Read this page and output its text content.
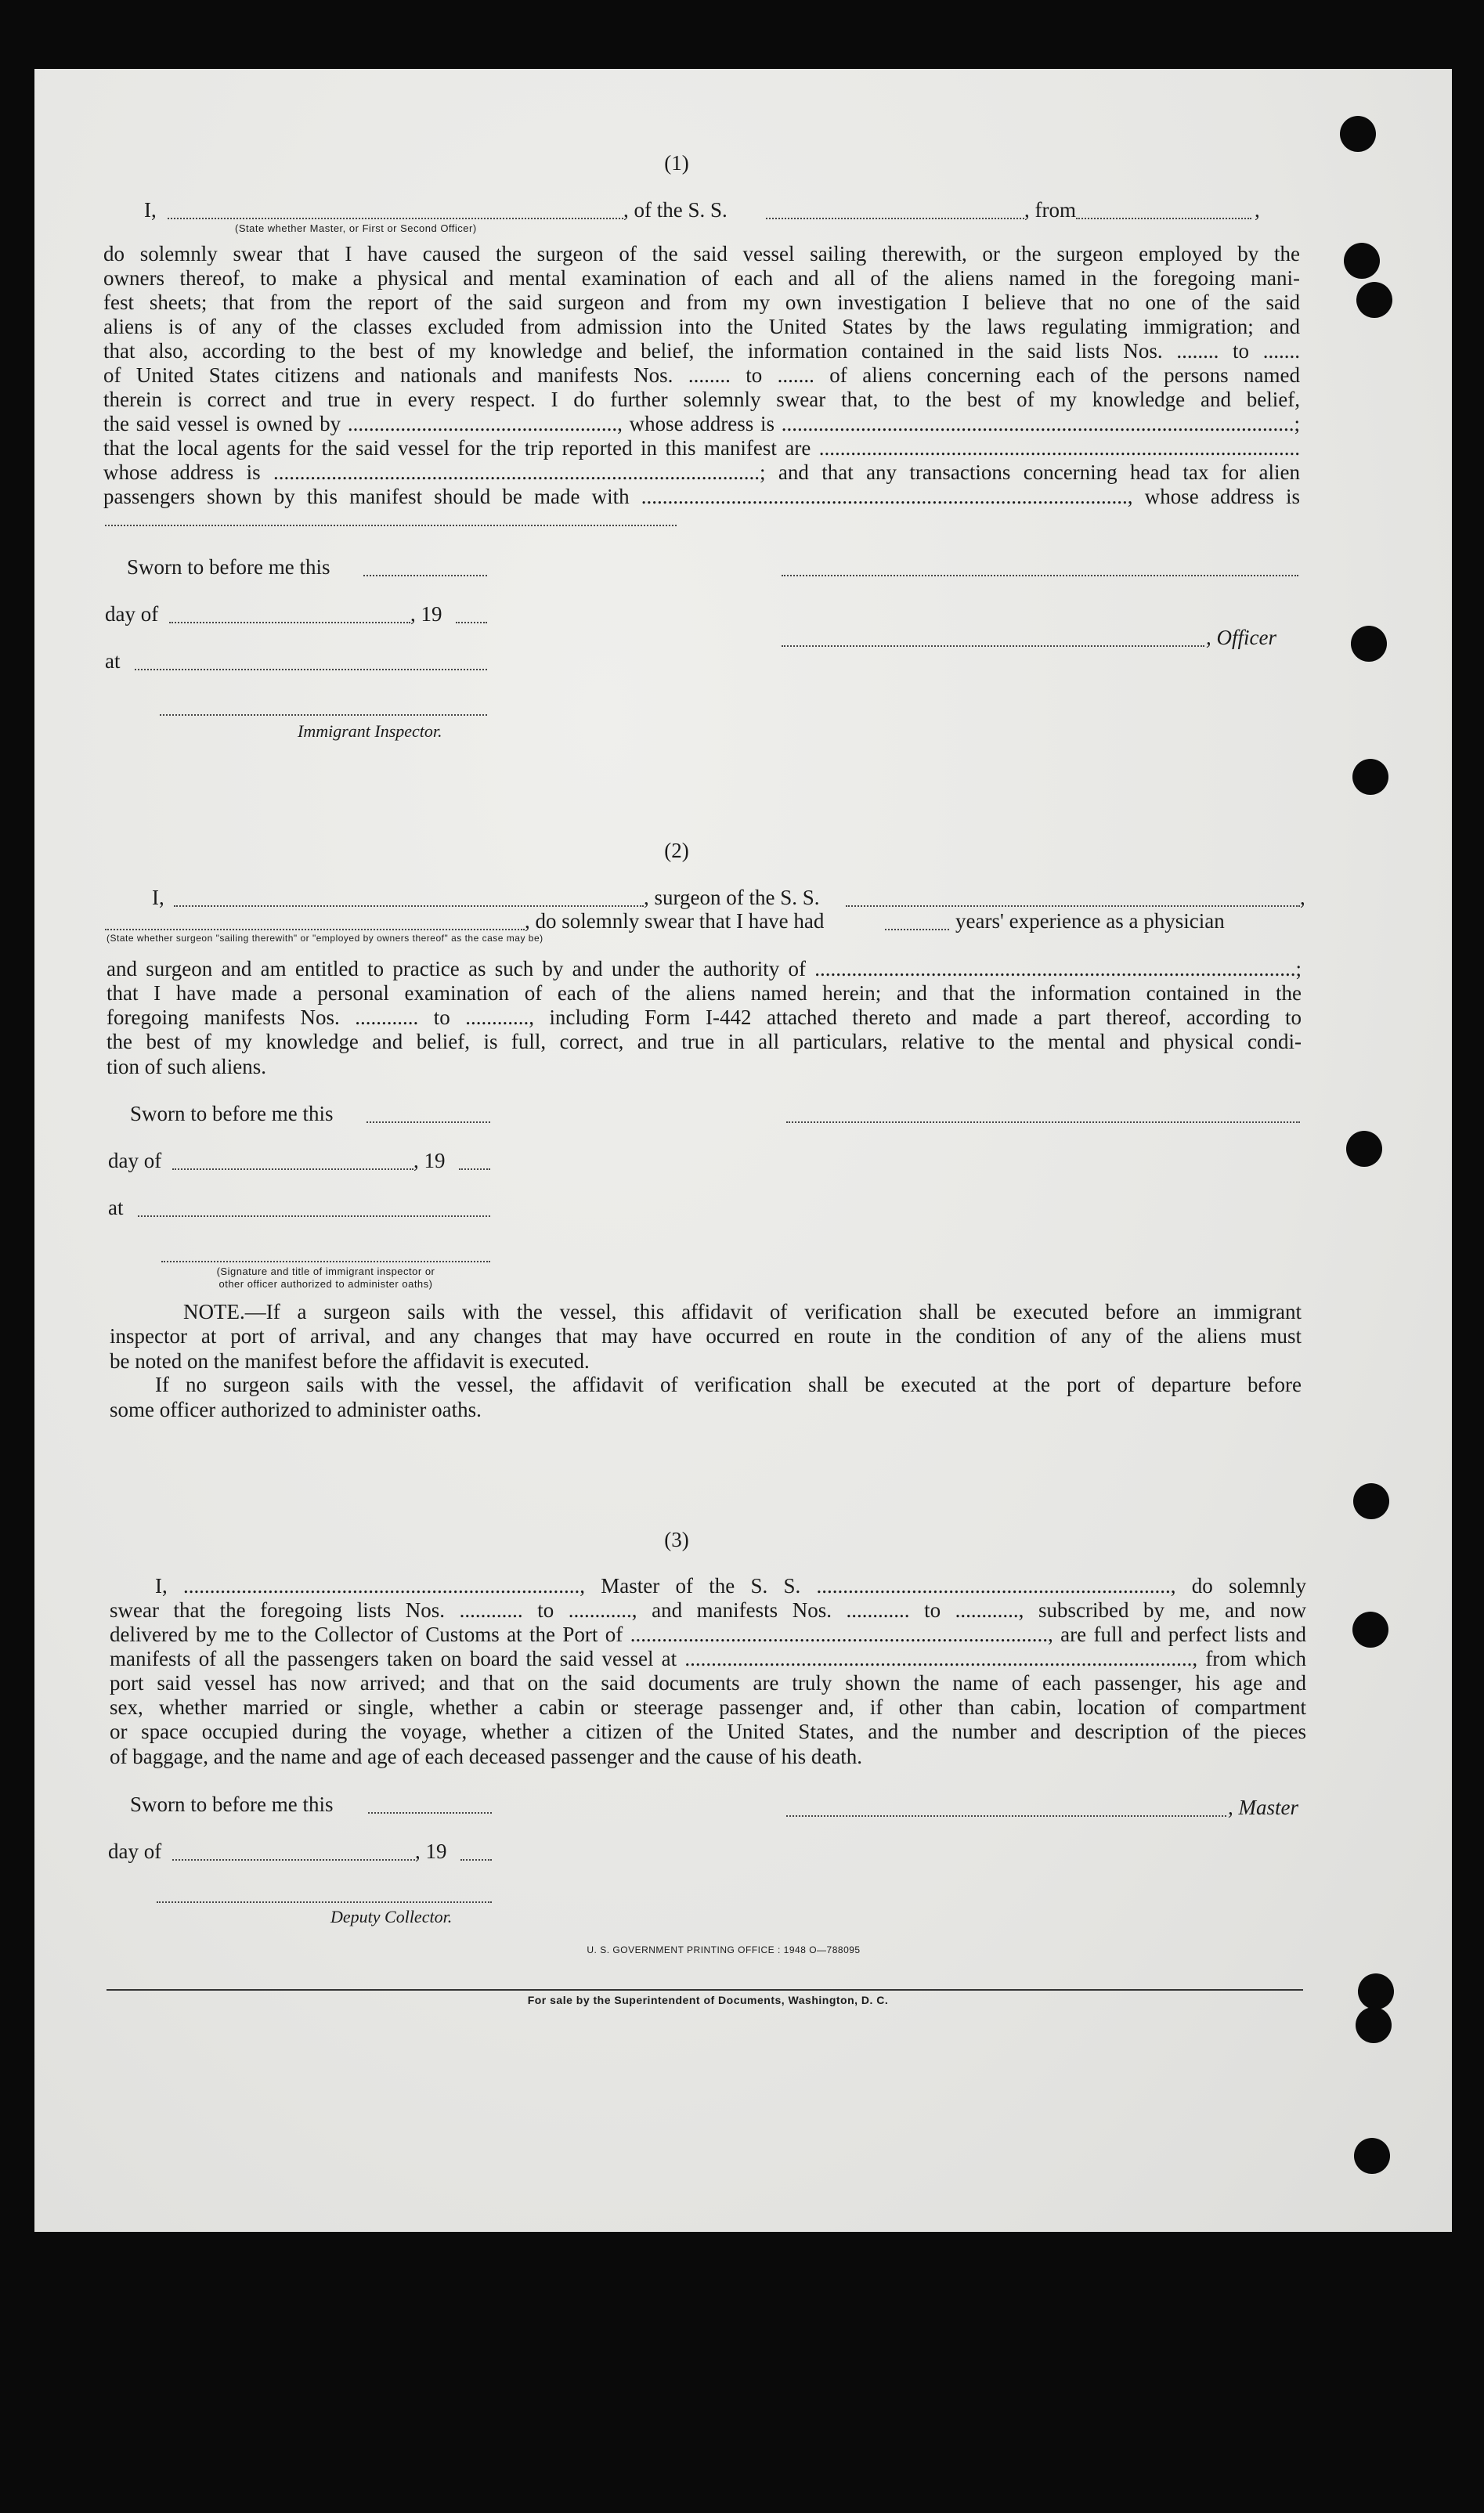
(1)
I,	, of the S. S.	, from	,
(State whether Master, or First or Second Officer)
do solemnly swear that I have caused the surgeon of the said vessel sailing therewith, or the surgeon employed by the
owners thereof, to make a physical and mental examination of each and all of the aliens named in the foregoing mani-
fest sheets; that from the report of the said surgeon and from my own investigation I believe that no one of the said
aliens is of any of the classes excluded from admission into the United States by the laws regulating immigration; and
that also, according to the best of my knowledge and belief, the information contained in the said lists Nos. ........ to .......
of United States citizens and nationals and manifests Nos. ........ to ....... of aliens concerning each of the persons named
therein is correct and true in every respect. I do further solemnly swear that, to the best of my knowledge and belief,
the said vessel is owned by ..................................................., whose address is .................................................................................................;
that the local agents for the said vessel for the trip reported in this manifest are ...........................................................................................
whose address is ............................................................................................; and that any transactions concerning head tax for alien
passengers shown by this manifest should be made with ............................................................................................, whose address is
Sworn to before me this
day of	, 19
, Officer
at
Immigrant Inspector.
(2)
I,	, surgeon of the S. S.	,
, do solemnly swear that I have had	years' experience as a physician
(State whether surgeon "sailing therewith" or "employed by owners thereof" as the case may be)
and surgeon and am entitled to practice as such by and under the authority of ...........................................................................................;
that I have made a personal examination of each of the aliens named herein; and that the information contained in the
foregoing manifests Nos. ............ to ............, including Form I-442 attached thereto and made a part thereof, according to
the best of my knowledge and belief, is full, correct, and true in all particulars, relative to the mental and physical condi-
tion of such aliens.
Sworn to before me this
day of	, 19
at
(Signature and title of immigrant inspector or
other officer authorized to administer oaths)
NOTE.—If a surgeon sails with the vessel, this affidavit of verification shall be executed before an immigrant
inspector at port of arrival, and any changes that may have occurred en route in the condition of any of the aliens must
be noted on the manifest before the affidavit is executed.
If no surgeon sails with the vessel, the affidavit of verification shall be executed at the port of departure before
some officer authorized to administer oaths.
(3)
I, ..........................................................................., Master of the S. S. ..................................................................., do solemnly
swear that the foregoing lists Nos. ............ to ............, and manifests Nos. ............ to ............, subscribed by me, and now
delivered by me to the Collector of Customs at the Port of ..............................................................................., are full and perfect lists and
manifests of all the passengers taken on board the said vessel at ................................................................................................, from which
port said vessel has now arrived; and that on the said documents are truly shown the name of each passenger, his age and
sex, whether married or single, whether a cabin or steerage passenger and, if other than cabin, location of compartment
or space occupied during the voyage, whether a citizen of the United States, and the number and description of the pieces
of baggage, and the name and age of each deceased passenger and the cause of his death.
Sworn to before me this	, Master
day of	, 19
Deputy Collector.
U. S. GOVERNMENT PRINTING OFFICE : 1948 O—788095
For sale by the Superintendent of Documents, Washington, D. C.
